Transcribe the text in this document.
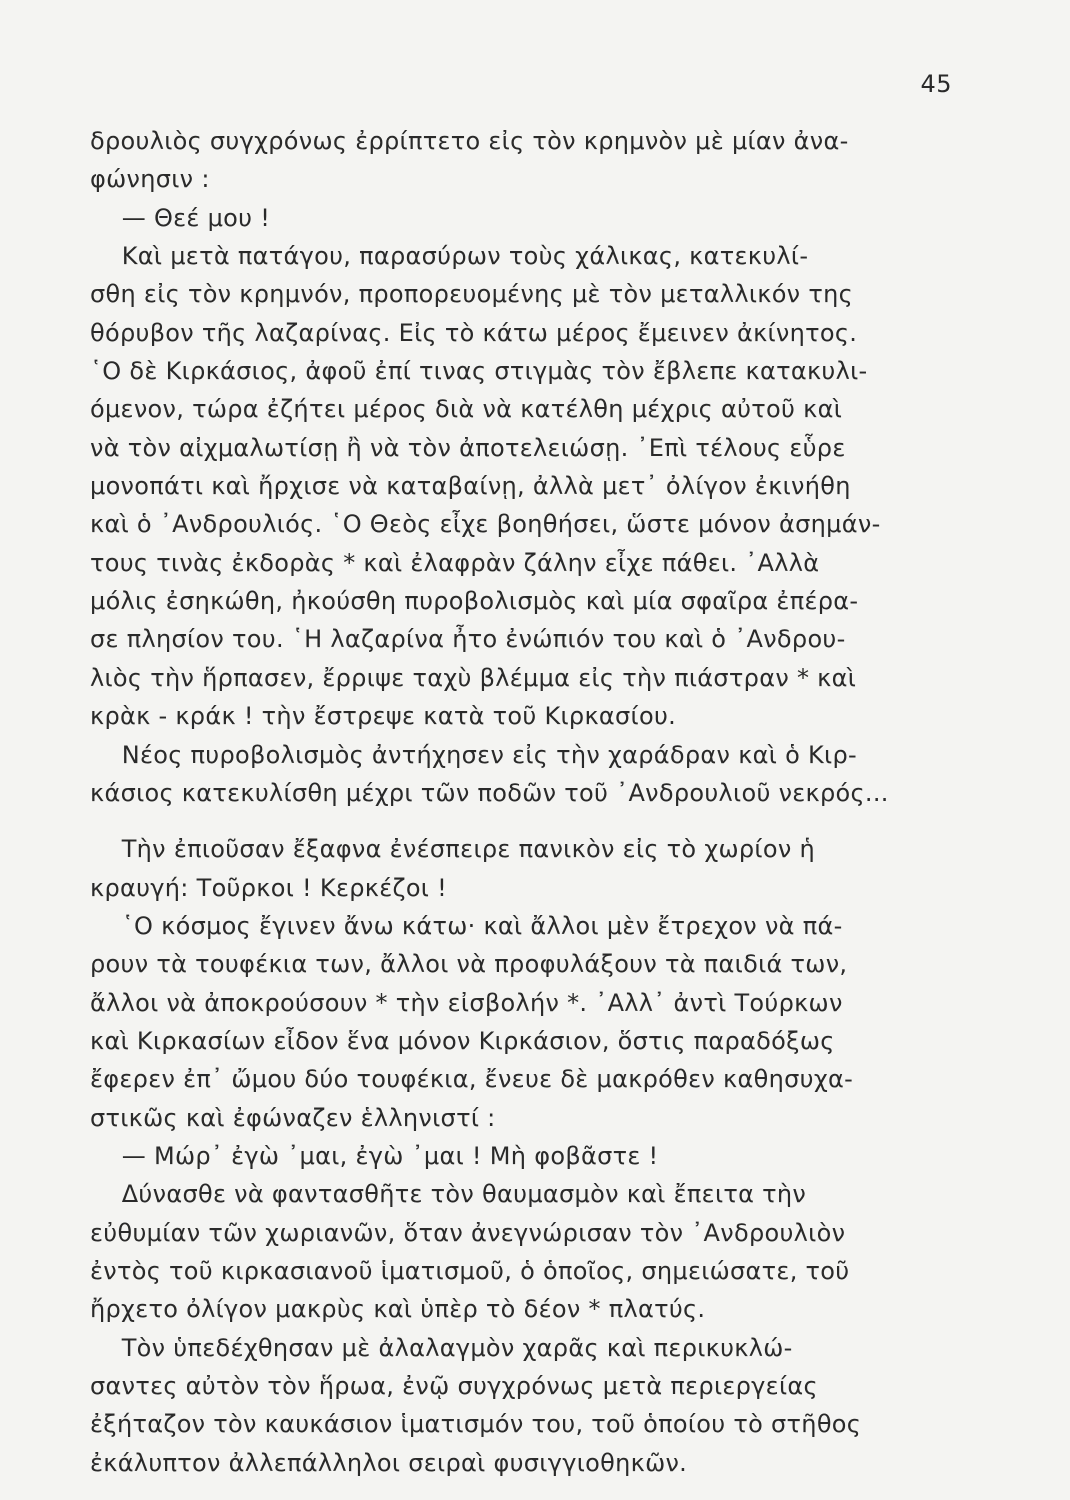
45
δρουλιὸς συγχρόνως ἐρρίπτετο εἰς τὸν κρημνὸν μὲ μίαν ἀνα-
φώνησιν :
— Θεέ μου !
Καὶ μετὰ πατάγου, παρασύρων τοὺς χάλικας, κατεκυλί-
σθη εἰς τὸν κρημνόν, προπορευομένης μὲ τὸν μεταλλικόν της
θόρυβον τῆς λαζαρίνας. Εἰς τὸ κάτω μέρος ἔμεινεν ἀκίνητος.
῾Ο δὲ Κιρκάσιος, ἀφοῦ ἐπί τινας στιγμὰς τὸν ἔβλεπε κατακυλι-
όμενον, τώρα ἐζήτει μέρος διὰ νὰ κατέλθη μέχρις αὐτοῦ καὶ
νὰ τὸν αἰχμαλωτίσῃ ἢ νὰ τὸν ἀποτελειώσῃ. ᾿Επὶ τέλους εὗρε
μονοπάτι καὶ ἤρχισε νὰ καταβαίνῃ, ἀλλὰ μετ᾿ ὀλίγον ἐκινήθη
καὶ ὁ ᾿Ανδρουλιός. ῾Ο Θεὸς εἶχε βοηθήσει, ὥστε μόνον ἀσημάν-
τους τινὰς ἐκδορὰς * καὶ ἐλαφρὰν ζάλην εἶχε πάθει. ᾿Αλλὰ
μόλις ἐσηκώθη, ἠκούσθη πυροβολισμὸς καὶ μία σφαῖρα ἐπέρα-
σε πλησίον του. ῾Η λαζαρίνα ἦτο ἐνώπιόν του καὶ ὁ ᾿Ανδρου-
λιὸς τὴν ἥρπασεν, ἔρριψε ταχὺ βλέμμα εἰς τὴν πιάστραν * καὶ
κρὰκ - κράκ ! τὴν ἔστρεψε κατὰ τοῦ Κιρκασίου.
Νέος πυροβολισμὸς ἀντήχησεν εἰς τὴν χαράδραν καὶ ὁ Κιρ-
κάσιος κατεκυλίσθη μέχρι τῶν ποδῶν τοῦ ᾿Ανδρουλιοῦ νεκρός...
Τὴν ἐπιοῦσαν ἔξαφνα ἐνέσπειρε πανικὸν εἰς τὸ χωρίον ἡ
κραυγή: Τοῦρκοι ! Κερκέζοι !
῾Ο κόσμος ἔγινεν ἄνω κάτω· καὶ ἄλλοι μὲν ἔτρεχον νὰ πά-
ρουν τὰ τουφέκια των, ἄλλοι νὰ προφυλάξουν τὰ παιδιά των,
ἄλλοι νὰ ἀποκρούσουν * τὴν εἰσβολήν *. ᾿Αλλ᾿ ἀντὶ Τούρκων
καὶ Κιρκασίων εἶδον ἕνα μόνον Κιρκάσιον, ὅστις παραδόξως
ἔφερεν ἐπ᾿ ὤμου δύο τουφέκια, ἔνευε δὲ μακρόθεν καθησυχα-
στικῶς καὶ ἐφώναζεν ἑλληνιστί :
— Μώρ᾿ ἐγὼ ᾿μαι, ἐγὼ ᾿μαι ! Μὴ φοβᾶστε !
Δύνασθε νὰ φαντασθῆτε τὸν θαυμασμὸν καὶ ἔπειτα τὴν
εὐθυμίαν τῶν χωριανῶν, ὅταν ἀνεγνώρισαν τὸν ᾿Ανδρουλιὸν
ἐντὸς τοῦ κιρκασιανοῦ ἱματισμοῦ, ὁ ὁποῖος, σημειώσατε, τοῦ
ἤρχετο ὀλίγον μακρὺς καὶ ὑπὲρ τὸ δέον * πλατύς.
Τὸν ὑπεδέχθησαν μὲ ἀλαλαγμὸν χαρᾶς καὶ περικυκλώ-
σαντες αὐτὸν τὸν ἥρωα, ἐνῷ συγχρόνως μετὰ περιεργείας
ἐξήταζον τὸν καυκάσιον ἱματισμόν του, τοῦ ὁποίου τὸ στῆθος
ἐκάλυπτον ἀλλεπάλληλοι σειραὶ φυσιγγιοθηκῶν.
